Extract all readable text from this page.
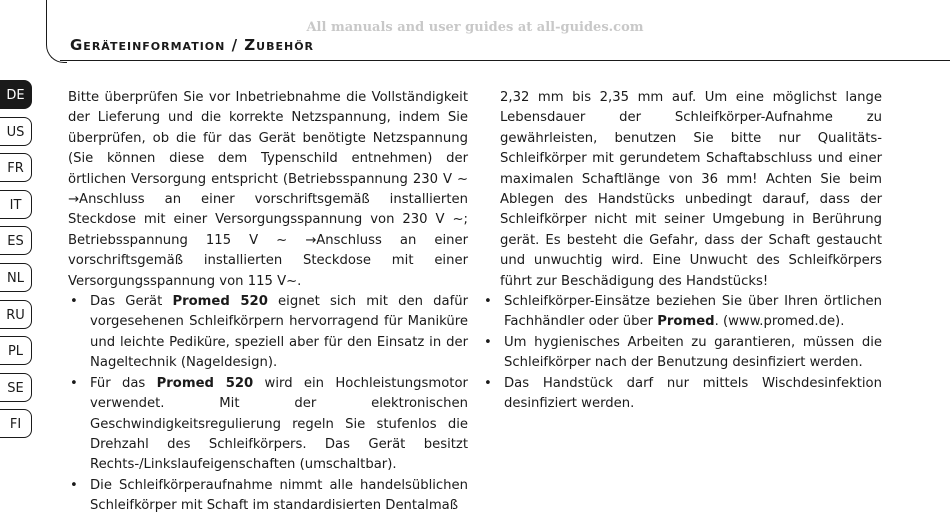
All manuals and user guides at all-guides.com
Geräteinformation / Zubehör
DE
US
FR
IT
ES
NL
RU
PL
SE
FI

Bitte überprüfen Sie vor Inbetriebnahme die Vollständigkeit der Lieferung und die korrekte Netzspannung, indem Sie überprüfen, ob die für das Gerät benötigte Netzspannung (Sie können diese dem Typenschild entnehmen) der örtlichen Versorgung entspricht (Betriebsspannung 230 V ~ →Anschluss an einer vorschriftsgemäß installierten Steckdose mit einer Versorgungsspannung von 230 V ~; Betriebsspannung 115 V ~ →Anschluss an einer vorschriftsgemäß installierten Steckdose mit einer Versorgungsspannung von 115 V~.

• Das Gerät Promed 520 eignet sich mit den dafür vorgesehenen Schleifkörpern hervorragend für Maniküre und leichte Pediküre, speziell aber für den Einsatz in der Nageltechnik (Nageldesign).

• Für das Promed 520 wird ein Hochleistungsmotor verwendet. Mit der elektronischen Geschwindigkeitsregulierung regeln Sie stufenlos die Drehzahl des Schleifkörpers. Das Gerät besitzt Rechts-/Linkslaufeigenschaften (umschaltbar).

• Die Schleifkörperaufnahme nimmt alle handelsüblichen Schleifkörper mit Schaft im standardisierten Dentalmaß

2,32 mm bis 2,35 mm auf. Um eine möglichst lange Lebensdauer der Schleifkörper-Aufnahme zu gewährleisten, benutzen Sie bitte nur Qualitäts-Schleifkörper mit gerundetem Schaftabschluss und einer maximalen Schaftlänge von 36 mm! Achten Sie beim Ablegen des Handstücks unbedingt darauf, dass der Schleifkörper nicht mit seiner Umgebung in Berührung gerät. Es besteht die Gefahr, dass der Schaft gestaucht und unwuchtig wird. Eine Unwucht des Schleifkörpers führt zur Beschädigung des Handstücks!

• Schleifkörper-Einsätze beziehen Sie über Ihren örtlichen Fachhändler oder über Promed. (www.promed.de).

• Um hygienisches Arbeiten zu garantieren, müssen die Schleifkörper nach der Benutzung desinfiziert werden.

• Das Handstück darf nur mittels Wischdesinfektion desinfiziert werden.
